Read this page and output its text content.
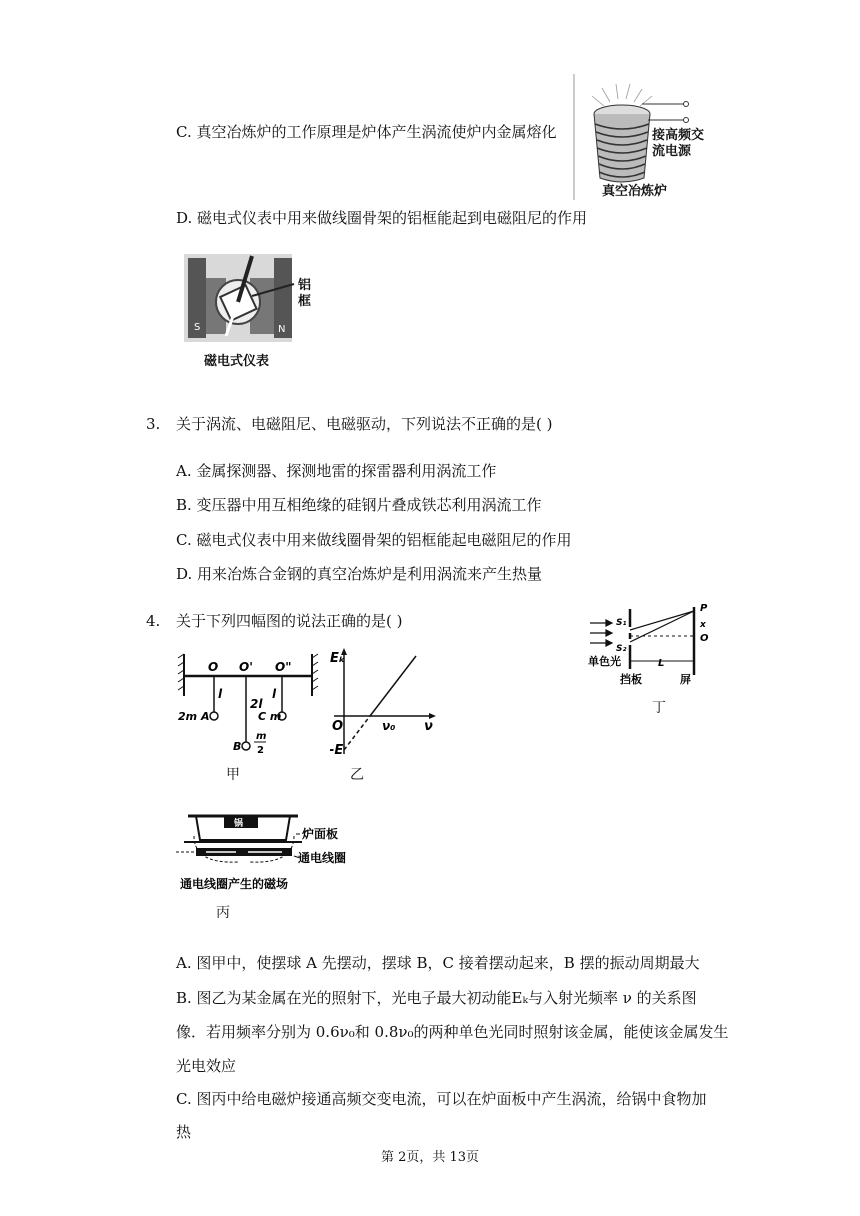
C. 真空冶炼炉的工作原理是炉体产生涡流使炉内金属熔化	接高频交
流电源
真空冶炼炉
D. 磁电式仪表中用来做线圈骨架的铝框能起到电磁阻尼的作用
S	N
铝
框
磁电式仪表
3. 关于涡流、电磁阻尼、电磁驱动，下列说法不正确的是( )
A. 金属探测器、探测地雷的探雷器利用涡流工作
B. 变压器中用互相绝缘的硅钢片叠成铁芯利用涡流工作
C. 磁电式仪表中用来做线圈骨架的铝框能起电磁阻尼的作用
D. 用来冶炼合金钢的真空冶炼炉是利用涡流来产生热量
4. 关于下列四幅图的说法正确的是( )
O O' O"
l
2l
l
2m A
B
C m
m
2
甲
Eₖ
ν
O	ν₀
-E
乙
P
x
O
S₁
S₂
单色光	L
挡板	屏
丁
锅
炉面板
通电线圈
通电线圈产生的磁场
丙
A. 图甲中，使摆球 A 先摆动，摆球 B，C 接着摆动起来，B 摆的振动周期最大
B. 图乙为某金属在光的照射下，光电子最大初动能Eₖ与入射光频率 ν 的关系图
像．若用频率分别为 0.6ν₀和 0.8ν₀的两种单色光同时照射该金属，能使该金属发生
光电效应
C. 图丙中给电磁炉接通高频交变电流，可以在炉面板中产生涡流，给锅中食物加
热
第 2页，共 13页
